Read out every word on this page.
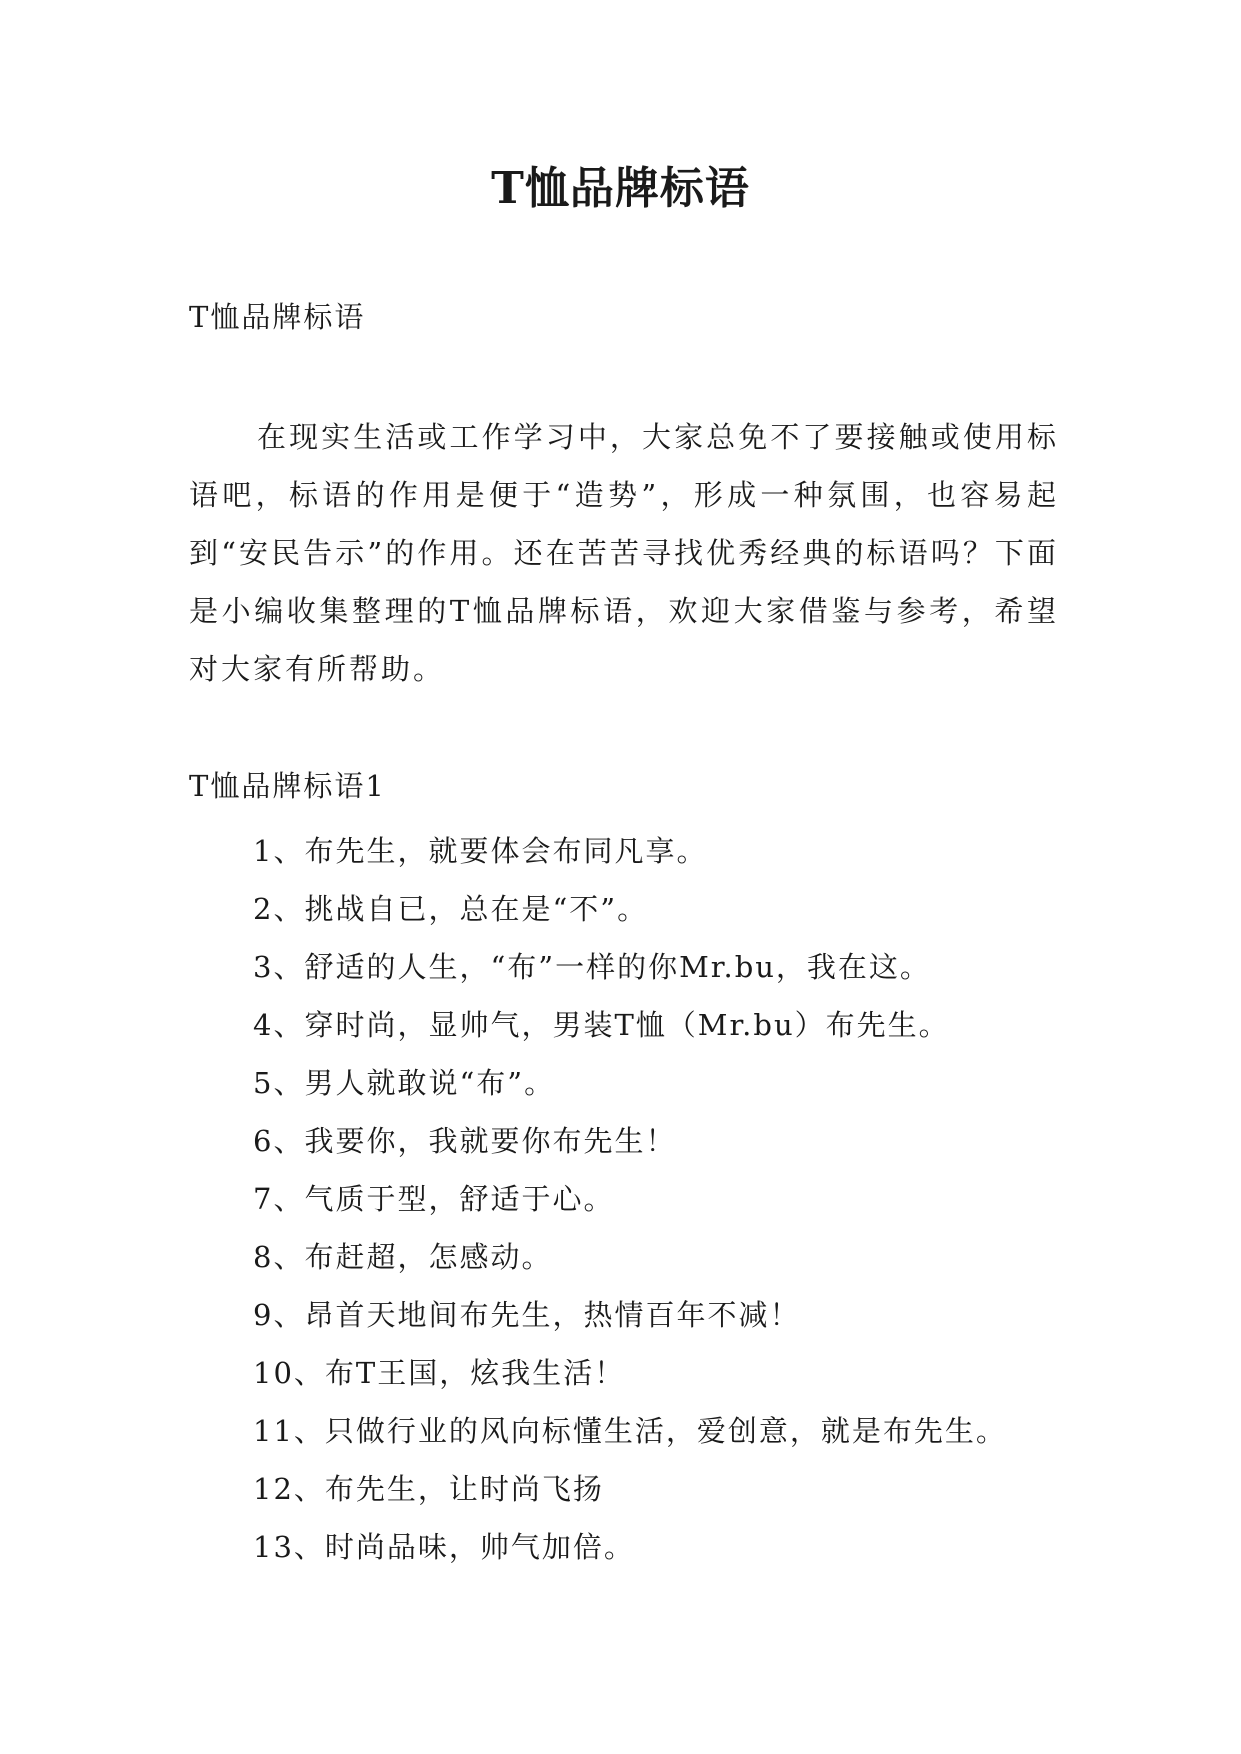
T恤品牌标语
T恤品牌标语

在现实生活或工作学习中，大家总免不了要接触或使用标语吧，标语的作用是便于“造势”，形成一种氛围，也容易起到“安民告示”的作用。还在苦苦寻找优秀经典的标语吗？下面是小编收集整理的T恤品牌标语，欢迎大家借鉴与参考，希望对大家有所帮助。

T恤品牌标语1
1、布先生，就要体会布同凡享。
2、挑战自已，总在是“不”。
3、舒适的人生，“布”一样的你Mr.bu，我在这。
4、穿时尚，显帅气，男装T恤（Mr.bu）布先生。
5、男人就敢说“布”。
6、我要你，我就要你布先生！
7、气质于型，舒适于心。
8、布赶超，怎感动。
9、昂首天地间布先生，热情百年不减！
10、布T王国，炫我生活！
11、只做行业的风向标懂生活，爱创意，就是布先生。
12、布先生，让时尚飞扬
13、时尚品味，帅气加倍。
